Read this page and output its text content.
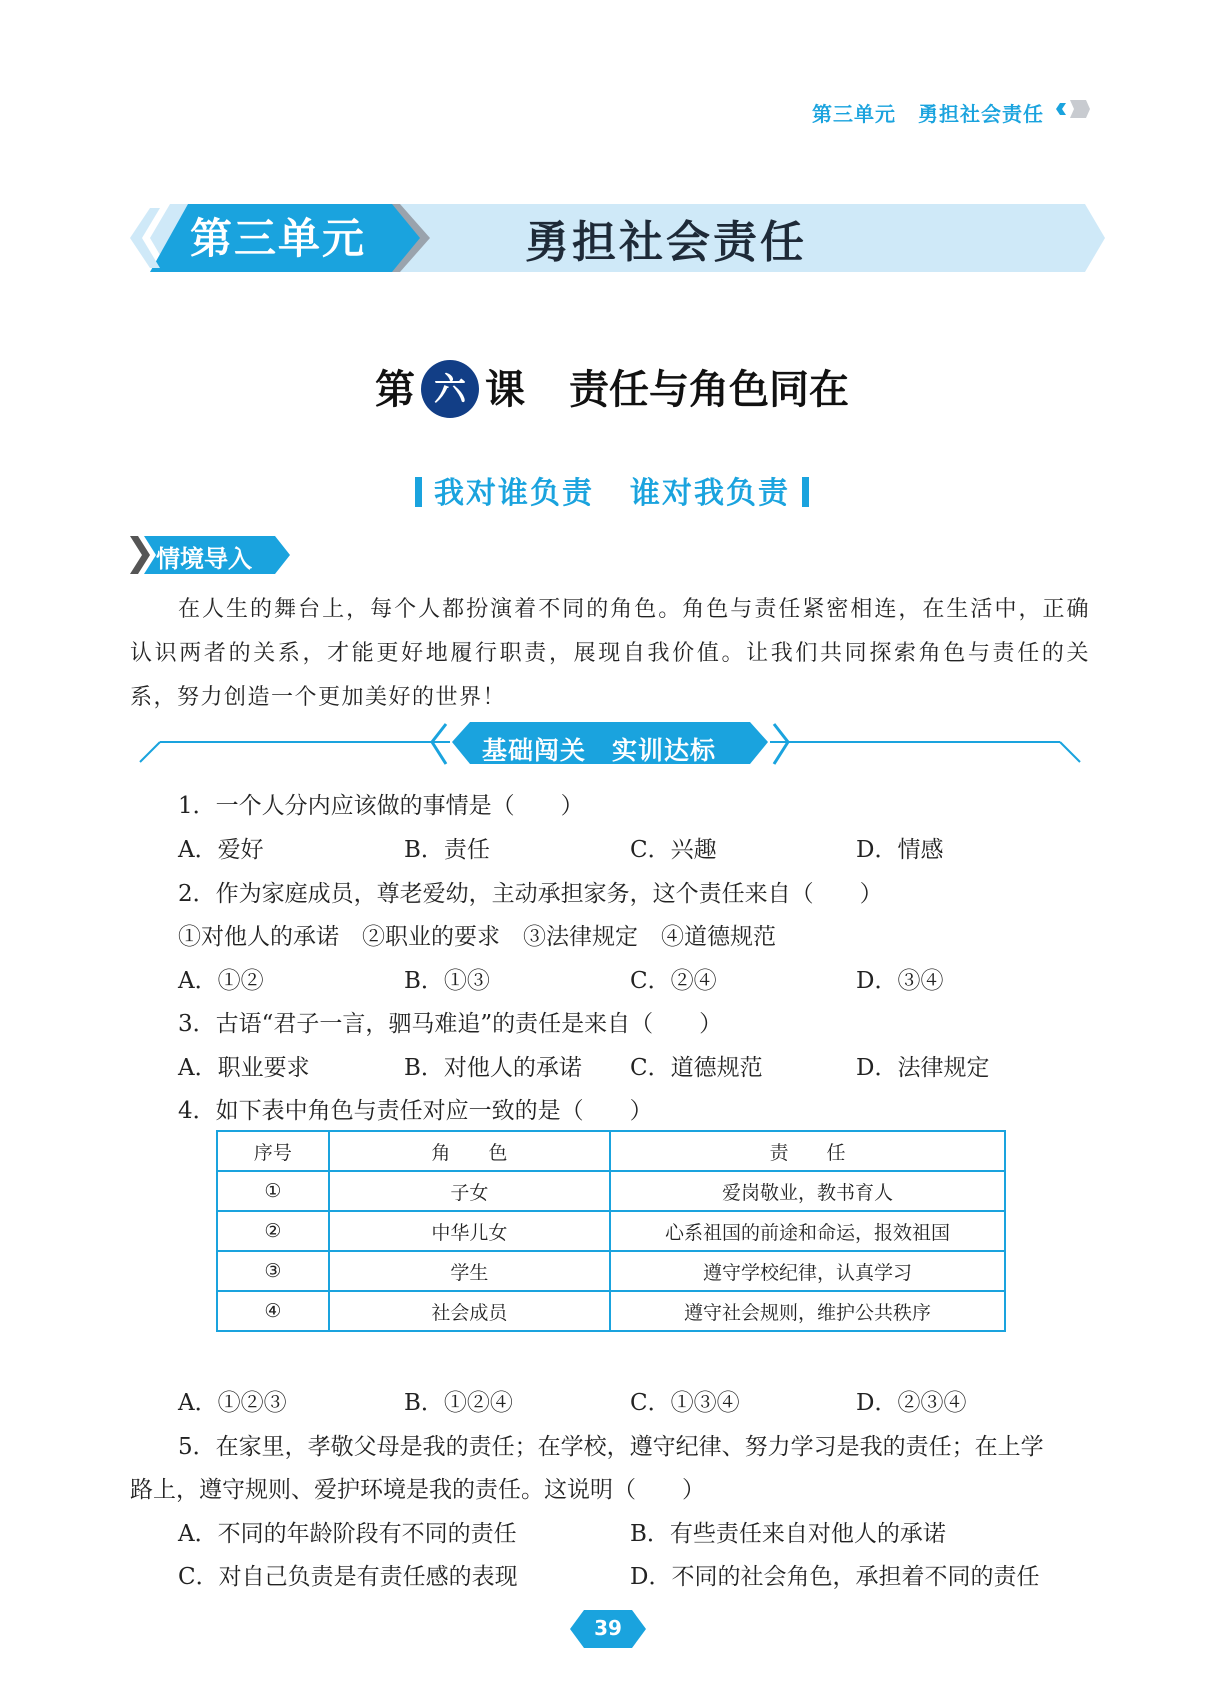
第三单元 勇担社会责任
第三单元	勇担社会责任
第 六 课 责任与角色同在
我对谁负责 谁对我负责
情境导入
在人生的舞台上，每个人都扮演着不同的角色。角色与责任紧密相连，在生活中，正确认识两者的关系，才能更好地履行职责，展现自我价值。让我们共同探索角色与责任的关系，努力创造一个更加美好的世界！
基础闯关　实训达标
1．一个人分内应该做的事情是（　　）
A．爱好	B．责任	C．兴趣	D．情感
2．作为家庭成员，尊老爱幼，主动承担家务，这个责任来自（　　）
①对他人的承诺　②职业的要求　③法律规定　④道德规范
A．①②	B．①③	C．②④	D．③④
3．古语“君子一言，驷马难追”的责任是来自（　　）
A．职业要求	B．对他人的承诺 C．道德规范	D．法律规定
4．如下表中角色与责任对应一致的是（　　）
序号	角　　色	责　　任
①	子女	爱岗敬业，教书育人
②	中华儿女	心系祖国的前途和命运，报效祖国
③	学生	遵守学校纪律，认真学习
④	社会成员	遵守社会规则，维护公共秩序
A．①②③	B．①②④	C．①③④	D．②③④
5．在家里，孝敬父母是我的责任；在学校，遵守纪律、努力学习是我的责任；在上学
路上，遵守规则、爱护环境是我的责任。这说明（　　）
A．不同的年龄阶段有不同的责任	B．有些责任来自对他人的承诺
C．对自己负责是有责任感的表现	D．不同的社会角色，承担着不同的责任
39
